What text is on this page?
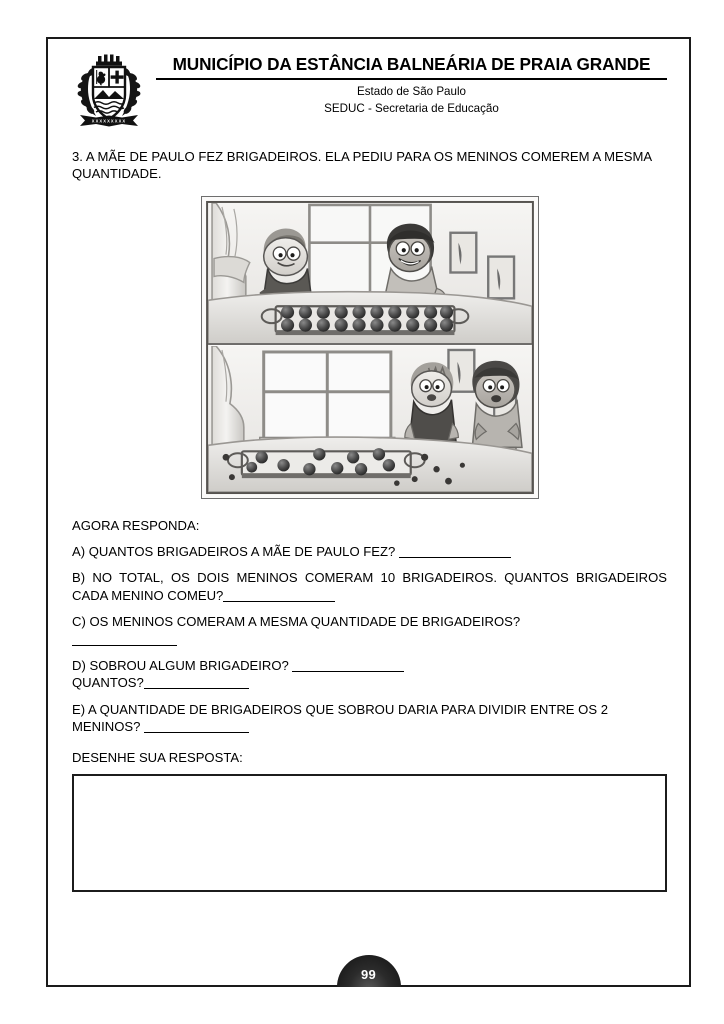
XXXXXXXXX
MUNICÍPIO DA ESTÂNCIA BALNEÁRIA DE PRAIA GRANDE
Estado de São Paulo
SEDUC - Secretaria de Educação
3. A MÃE DE PAULO FEZ BRIGADEIROS. ELA PEDIU PARA OS MENINOS COMEREM A MESMA QUANTIDADE.
AGORA RESPONDA:
A) QUANTOS BRIGADEIROS A MÃE DE PAULO FEZ?
B) NO TOTAL, OS DOIS MENINOS COMERAM 10 BRIGADEIROS. QUANTOS BRIGADEIROS CADA MENINO COMEU?
C) OS MENINOS COMERAM A MESMA QUANTIDADE DE BRIGADEIROS?

D) SOBROU ALGUM BRIGADEIRO?
QUANTOS?
E) A QUANTIDADE DE BRIGADEIROS QUE SOBROU DARIA PARA DIVIDIR ENTRE OS 2 MENINOS?
DESENHE SUA RESPOSTA:
99
